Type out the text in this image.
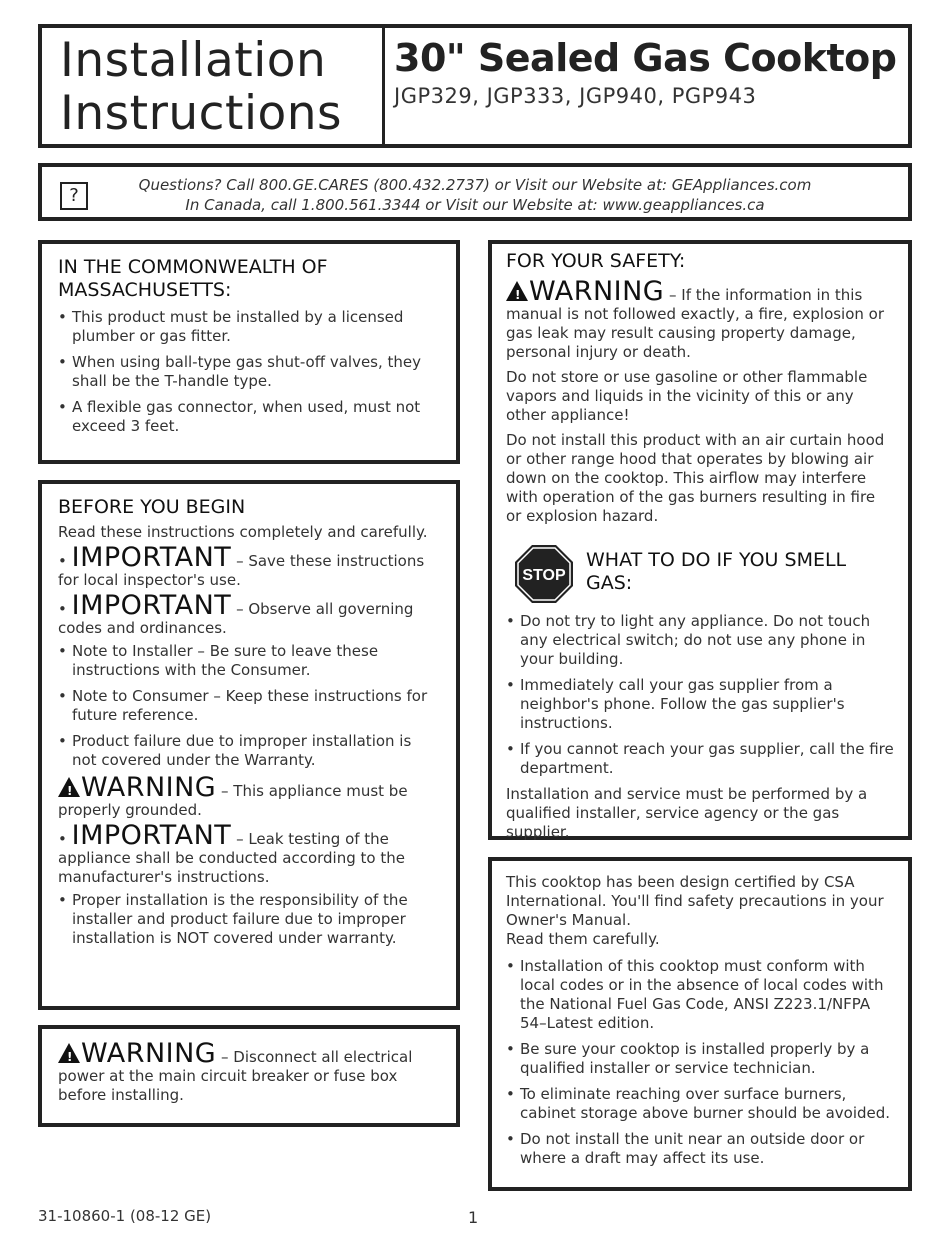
Installation
Instructions
30" Sealed Gas Cooktop
JGP329, JGP333, JGP940, PGP943
?	Questions? Call 800.GE.CARES (800.432.2737) or Visit our Website at: GEAppliances.com
In Canada, call 1.800.561.3344 or Visit our Website at: www.geappliances.ca
IN THE COMMONWEALTH OF
MASSACHUSETTS:
• This product must be installed by a licensed plumber or gas fitter.
• When using ball-type gas shut-off valves, they shall be the T-handle type.
• A flexible gas connector, when used, must not exceed 3 feet.
BEFORE YOU BEGIN
Read these instructions completely and carefully.
• IMPORTANT – Save these instructions for local inspector's use.
• IMPORTANT – Observe all governing codes and ordinances.
• Note to Installer – Be sure to leave these instructions with the Consumer.
• Note to Consumer – Keep these instructions for future reference.
• Product failure due to improper installation is not covered under the Warranty.
! WARNING – This appliance must be properly grounded.
• IMPORTANT – Leak testing of the appliance shall be conducted according to the manufacturer's instructions.
• Proper installation is the responsibility of the installer and product failure due to improper installation is NOT covered under warranty.
! WARNING – Disconnect all electrical power at the main circuit breaker or fuse box before installing.
FOR YOUR SAFETY:
! WARNING – If the information in this manual is not followed exactly, a fire, explosion or gas leak may result causing property damage, personal injury or death.
Do not store or use gasoline or other flammable vapors and liquids in the vicinity of this or any other appliance!
Do not install this product with an air curtain hood or other range hood that operates by blowing air down on the cooktop. This airflow may interfere with operation of the gas burners resulting in fire or explosion hazard.
STOP
WHAT TO DO IF YOU SMELL
GAS:
• Do not try to light any appliance. Do not touch any electrical switch; do not use any phone in your building.
• Immediately call your gas supplier from a neighbor's phone. Follow the gas supplier's instructions.
• If you cannot reach your gas supplier, call the fire department.
Installation and service must be performed by a qualified installer, service agency or the gas supplier.
This cooktop has been design certified by CSA International. You'll find safety precautions in your Owner's Manual.
Read them carefully.
• Installation of this cooktop must conform with local codes or in the absence of local codes with the National Fuel Gas Code, ANSI Z223.1/NFPA 54–Latest edition.
• Be sure your cooktop is installed properly by a qualified installer or service technician.
• To eliminate reaching over surface burners, cabinet storage above burner should be avoided.
• Do not install the unit near an outside door or where a draft may affect its use.
31-10860-1 (08-12 GE)	1
